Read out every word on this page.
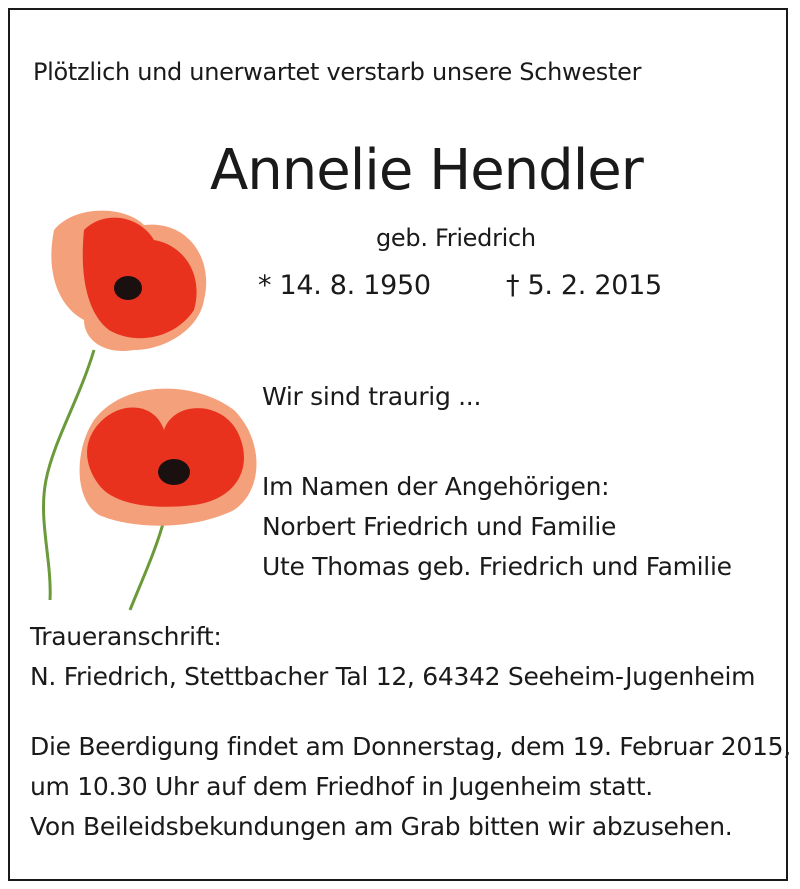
Plötzlich und unerwartet verstarb unsere Schwester
Annelie Hendler
geb. Friedrich
* 14. 8. 1950	† 5. 2. 2015
Wir sind traurig ...
Im Namen der Angehörigen:
Norbert Friedrich und Familie
Ute Thomas geb. Friedrich und Familie
Traueranschrift:
N. Friedrich, Stettbacher Tal 12, 64342 Seeheim-Jugenheim
Die Beerdigung findet am Donnerstag, dem 19. Februar 2015,
um 10.30 Uhr auf dem Friedhof in Jugenheim statt.
Von Beileidsbekundungen am Grab bitten wir abzusehen.
